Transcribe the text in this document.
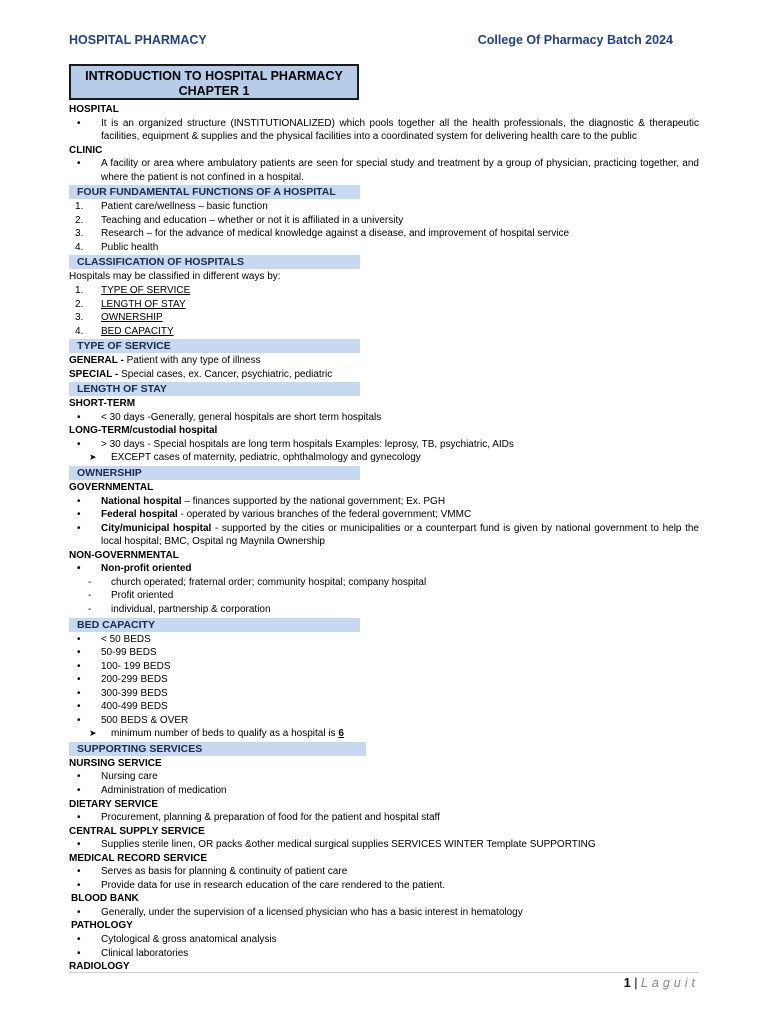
HOSPITAL PHARMACY	College Of Pharmacy Batch 2024
INTRODUCTION TO HOSPITAL PHARMACY
CHAPTER 1
HOSPITAL
• It is an organized structure (INSTITUTIONALIZED) which pools together all the health professionals, the diagnostic & therapeutic facilities, equipment & supplies and the physical facilities into a coordinated system for delivering health care to the public
CLINIC
• A facility or area where ambulatory patients are seen for special study and treatment by a group of physician, practicing together, and where the patient is not confined in a hospital.
FOUR FUNDAMENTAL FUNCTIONS OF A HOSPITAL
1. Patient care/wellness – basic function
2. Teaching and education – whether or not it is affiliated in a university
3. Research – for the advance of medical knowledge against a disease, and improvement of hospital service
4. Public health
CLASSIFICATION OF HOSPITALS
Hospitals may be classified in different ways by:
1. TYPE OF SERVICE
2. LENGTH OF STAY
3. OWNERSHIP
4. BED CAPACITY
TYPE OF SERVICE
GENERAL - Patient with any type of illness
SPECIAL - Special cases, ex. Cancer, psychiatric, pediatric
LENGTH OF STAY
SHORT-TERM
• < 30 days -Generally, general hospitals are short term hospitals
LONG-TERM/custodial hospital
• > 30 days - Special hospitals are long term hospitals Examples: leprosy, TB, psychiatric, AIDs
➤ EXCEPT cases of maternity, pediatric, ophthalmology and gynecology
OWNERSHIP
GOVERNMENTAL
• National hospital – finances supported by the national government; Ex. PGH
• Federal hospital - operated by various branches of the federal government; VMMC
• City/municipal hospital - supported by the cities or municipalities or a counterpart fund is given by national government to help the local hospital; BMC, Ospital ng Maynila Ownership
NON-GOVERNMENTAL
• Non-profit oriented
- church operated; fraternal order; community hospital; company hospital
- Profit oriented
- individual, partnership & corporation
BED CAPACITY
• < 50 BEDS
• 50-99 BEDS
• 100- 199 BEDS
• 200-299 BEDS
• 300-399 BEDS
• 400-499 BEDS
• 500 BEDS & OVER
➤ minimum number of beds to qualify as a hospital is 6
SUPPORTING SERVICES
NURSING SERVICE
• Nursing care
• Administration of medication
DIETARY SERVICE
• Procurement, planning & preparation of food for the patient and hospital staff
CENTRAL SUPPLY SERVICE
• Supplies sterile linen, OR packs &other medical surgical supplies SERVICES WINTER Template SUPPORTING
MEDICAL RECORD SERVICE
• Serves as basis for planning & continuity of patient care
• Provide data for use in research education of the care rendered to the patient.
BLOOD BANK
• Generally, under the supervision of a licensed physician who has a basic interest in hematology
PATHOLOGY
• Cytological & gross anatomical analysis
• Clinical laboratories
RADIOLOGY
1 | Laguit
